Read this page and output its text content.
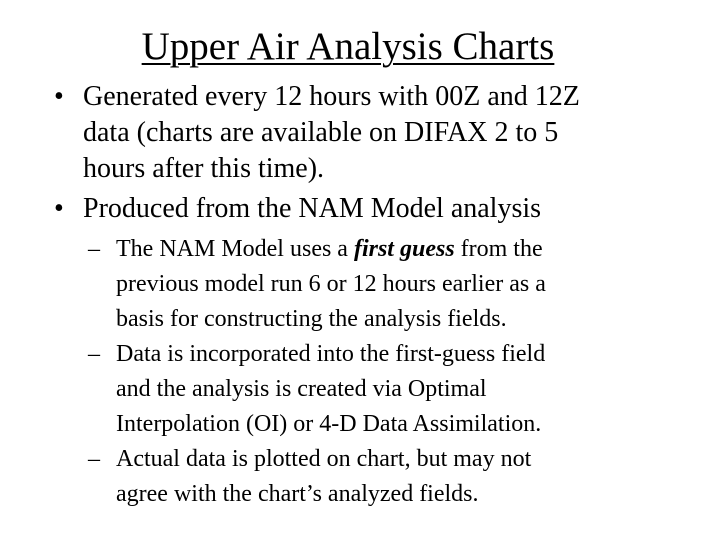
Upper Air Analysis Charts
• Generated every 12 hours with 00Z and 12Z
data (charts are available on DIFAX 2 to 5
hours after this time).
• Produced from the NAM Model analysis
– The NAM Model uses a first guess from the
previous model run 6 or 12 hours earlier as a
basis for constructing the analysis fields.
– Data is incorporated into the first-guess field
and the analysis is created via Optimal
Interpolation (OI) or 4-D Data Assimilation.
– Actual data is plotted on chart, but may not
agree with the chart’s analyzed fields.
